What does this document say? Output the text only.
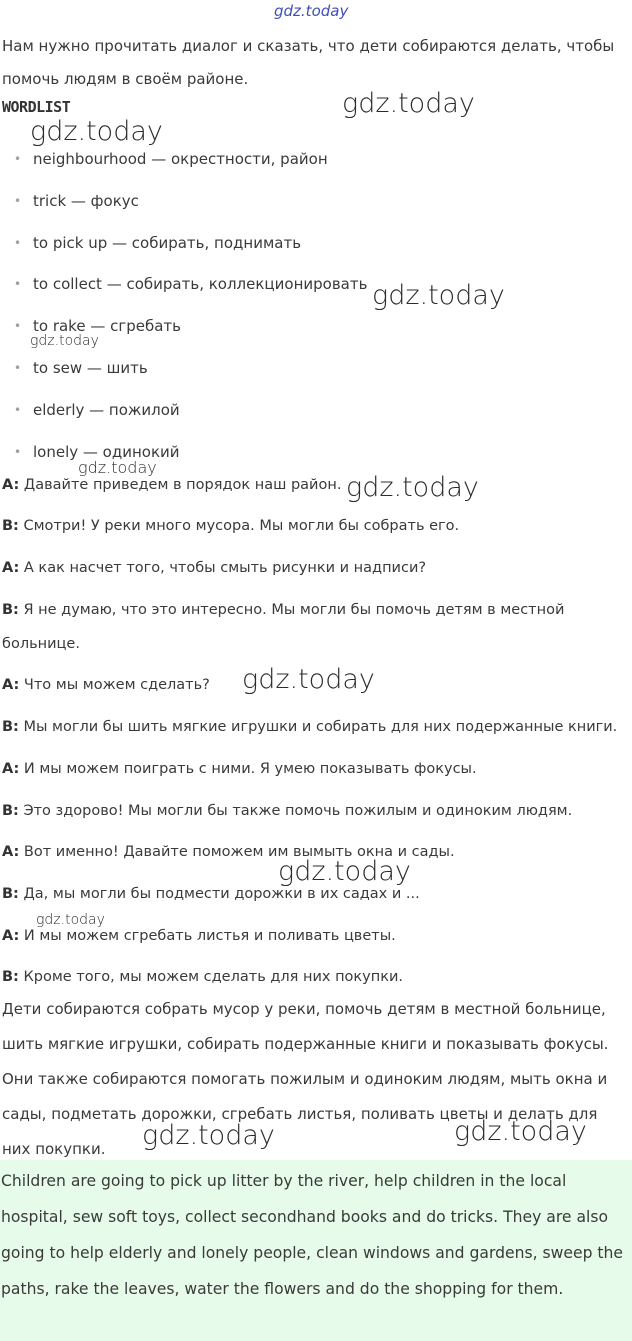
gdz.today

Нам нужно прочитать диалог и сказать, что дети собираются делать, чтобы помочь людям в своём районе.

WORDLIST
• neighbourhood — окрестности, район
• trick — фокус
• to pick up — собирать, поднимать
• to collect — собирать, коллекционировать
• to rake — сгребать
• to sew — шить
• elderly — пожилой
• lonely — одинокий

A: Давайте приведем в порядок наш район.

B: Смотри! У реки много мусора. Мы могли бы собрать его.

A: А как насчет того, чтобы смыть рисунки и надписи?

B: Я не думаю, что это интересно. Мы могли бы помочь детям в местной больнице.

A: Что мы можем сделать?

B: Мы могли бы шить мягкие игрушки и собирать для них подержанные книги.

A: И мы можем поиграть с ними. Я умею показывать фокусы.

B: Это здорово! Мы могли бы также помочь пожилым и одиноким людям.

A: Вот именно! Давайте поможем им вымыть окна и сады.

B: Да, мы могли бы подмести дорожки в их садах и ...

A: И мы можем сгребать листья и поливать цветы.

B: Кроме того, мы можем сделать для них покупки.

Дети собираются собрать мусор у реки, помочь детям в местной больнице, шить мягкие игрушки, собирать подержанные книги и показывать фокусы. Они также собираются помогать пожилым и одиноким людям, мыть окна и сады, подметать дорожки, сгребать листья, поливать цветы и делать для них покупки.

Children are going to pick up litter by the river, help children in the local hospital, sew soft toys, collect secondhand books and do tricks. They are also going to help elderly and lonely people, clean windows and gardens, sweep the paths, rake the leaves, water the flowers and do the shopping for them.

gdz.today
gdz.today
gdz.today
gdz.today
gdz.today
gdz.today
gdz.today
gdz.today
gdz.today
gdz.today	gdz.today
